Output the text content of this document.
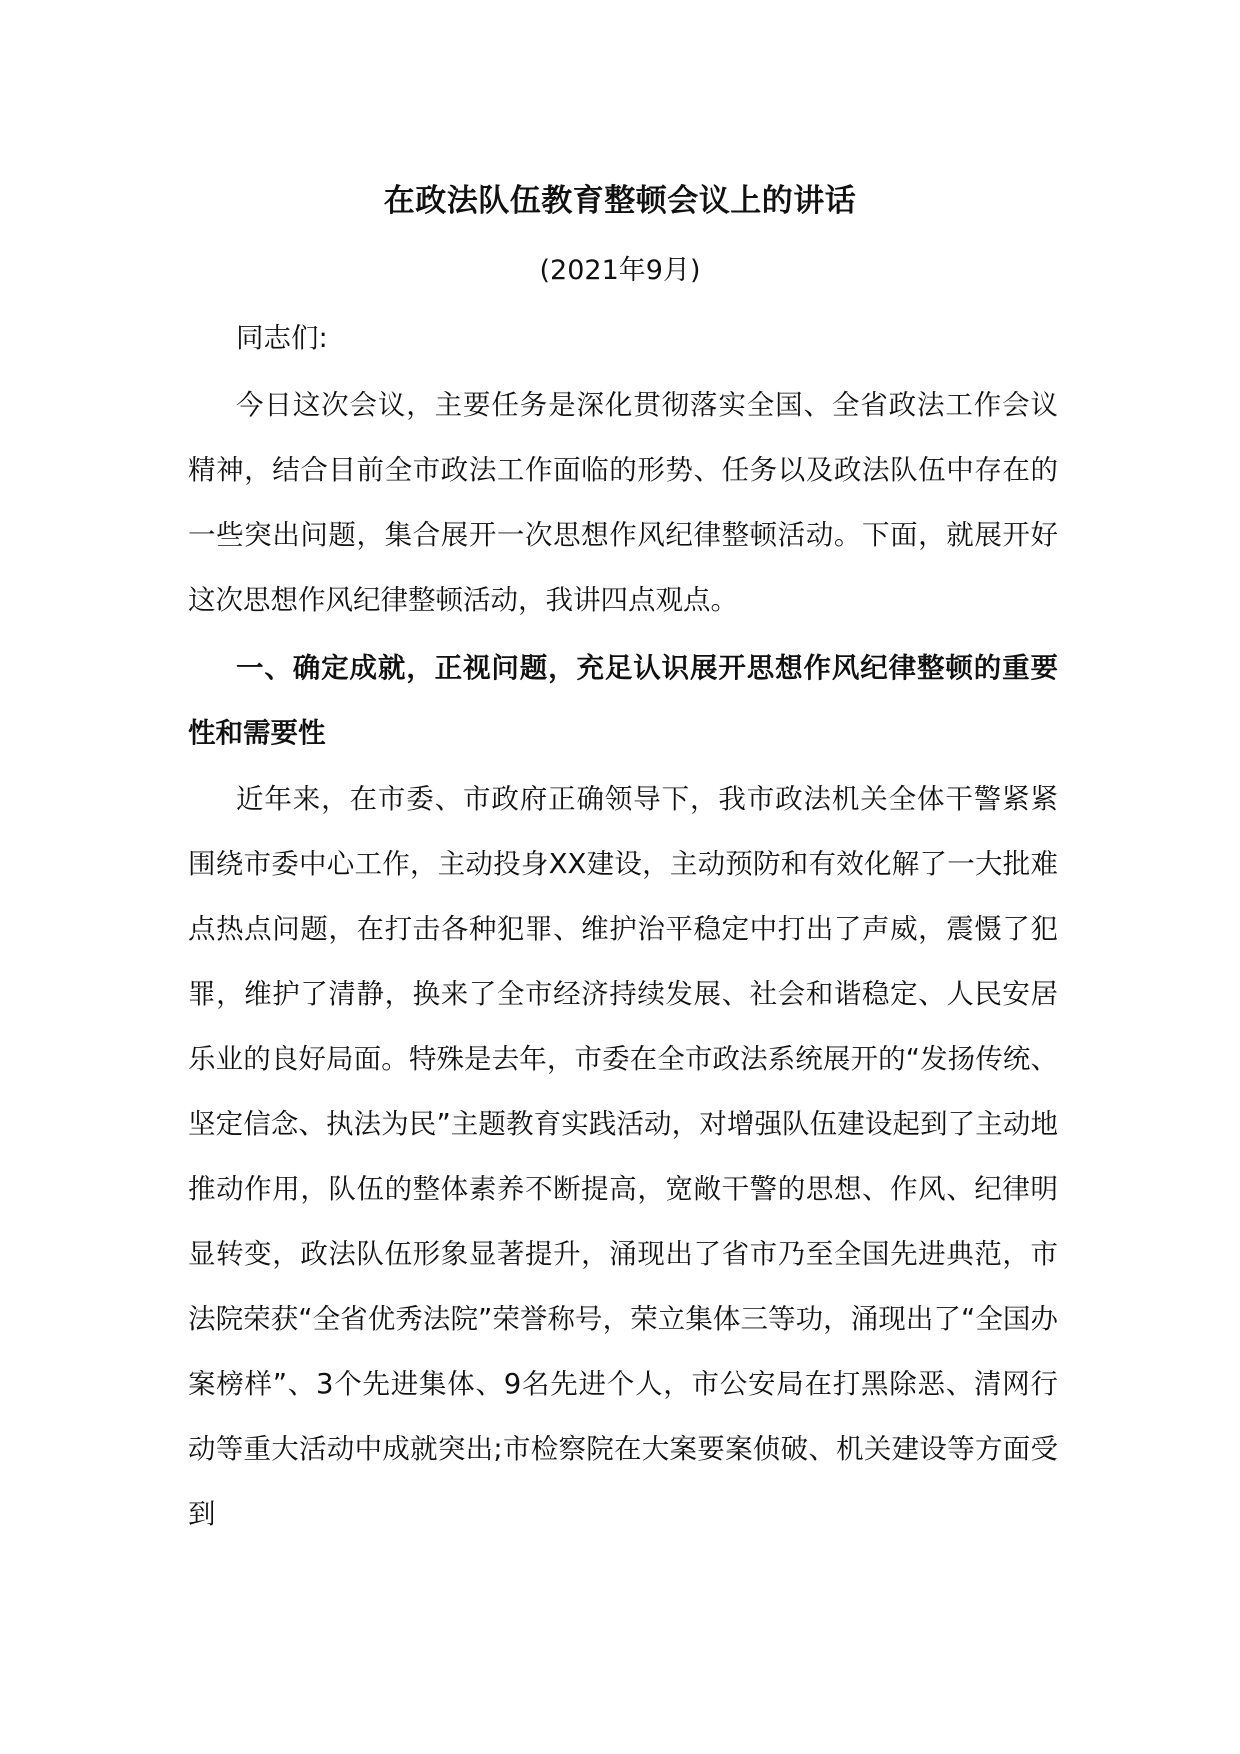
在政法队伍教育整顿会议上的讲话
(2021年9月)

同志们:

今日这次会议，主要任务是深化贯彻落实全国、全省政法工作会议精神，结合目前全市政法工作面临的形势、任务以及政法队伍中存在的一些突出问题，集合展开一次思想作风纪律整顿活动。下面，就展开好这次思想作风纪律整顿活动，我讲四点观点。

一、确定成就，正视问题，充足认识展开思想作风纪律整顿的重要性和需要性

近年来，在市委、市政府正确领导下，我市政法机关全体干警紧紧围绕市委中心工作，主动投身XX建设，主动预防和有效化解了一大批难点热点问题，在打击各种犯罪、维护治平稳定中打出了声威，震慑了犯罪，维护了清静，换来了全市经济持续发展、社会和谐稳定、人民安居乐业的良好局面。特殊是去年，市委在全市政法系统展开的“发扬传统、坚定信念、执法为民”主题教育实践活动，对增强队伍建设起到了主动地推动作用，队伍的整体素养不断提高，宽敞干警的思想、作风、纪律明显转变，政法队伍形象显著提升，涌现出了省市乃至全国先进典范，市法院荣获“全省优秀法院”荣誉称号，荣立集体三等功，涌现出了“全国办案榜样”、3个先进集体、9名先进个人，市公安局在打黑除恶、清网行动等重大活动中成就突出;市检察院在大案要案侦破、机关建设等方面受到
